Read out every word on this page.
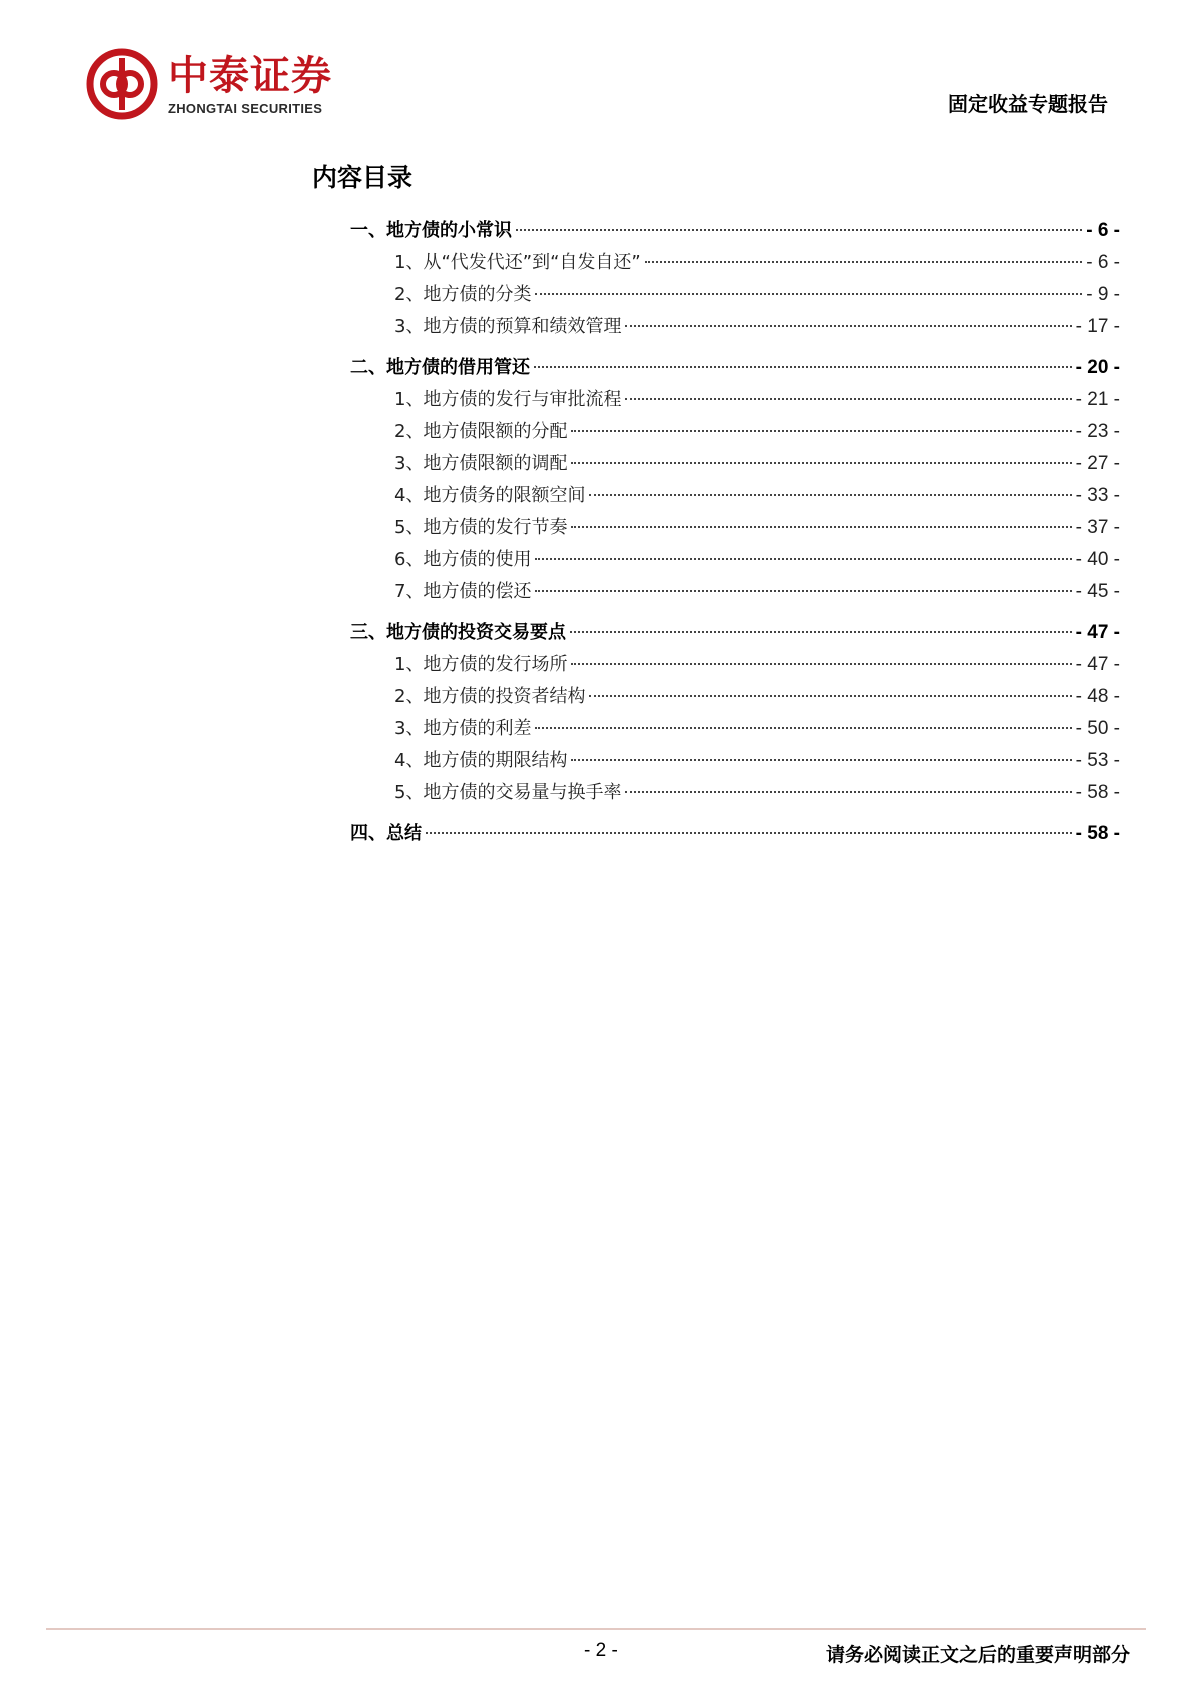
中泰证券
ZHONGTAI SECURITIES	固定收益专题报告
内容目录
一、地方债的小常识	- 6 -
1、从“代发代还”到“自发自还”	- 6 -
2、地方债的分类	- 9 -
3、地方债的预算和绩效管理	- 17 -
二、地方债的借用管还	- 20 -
1、地方债的发行与审批流程	- 21 -
2、地方债限额的分配	- 23 -
3、地方债限额的调配	- 27 -
4、地方债务的限额空间	- 33 -
5、地方债的发行节奏	- 37 -
6、地方债的使用	- 40 -
7、地方债的偿还	- 45 -
三、地方债的投资交易要点	- 47 -
1、地方债的发行场所	- 47 -
2、地方债的投资者结构	- 48 -
3、地方债的利差	- 50 -
4、地方债的期限结构	- 53 -
5、地方债的交易量与换手率	- 58 -
四、总结	- 58 -
- 2 -	请务必阅读正文之后的重要声明部分
